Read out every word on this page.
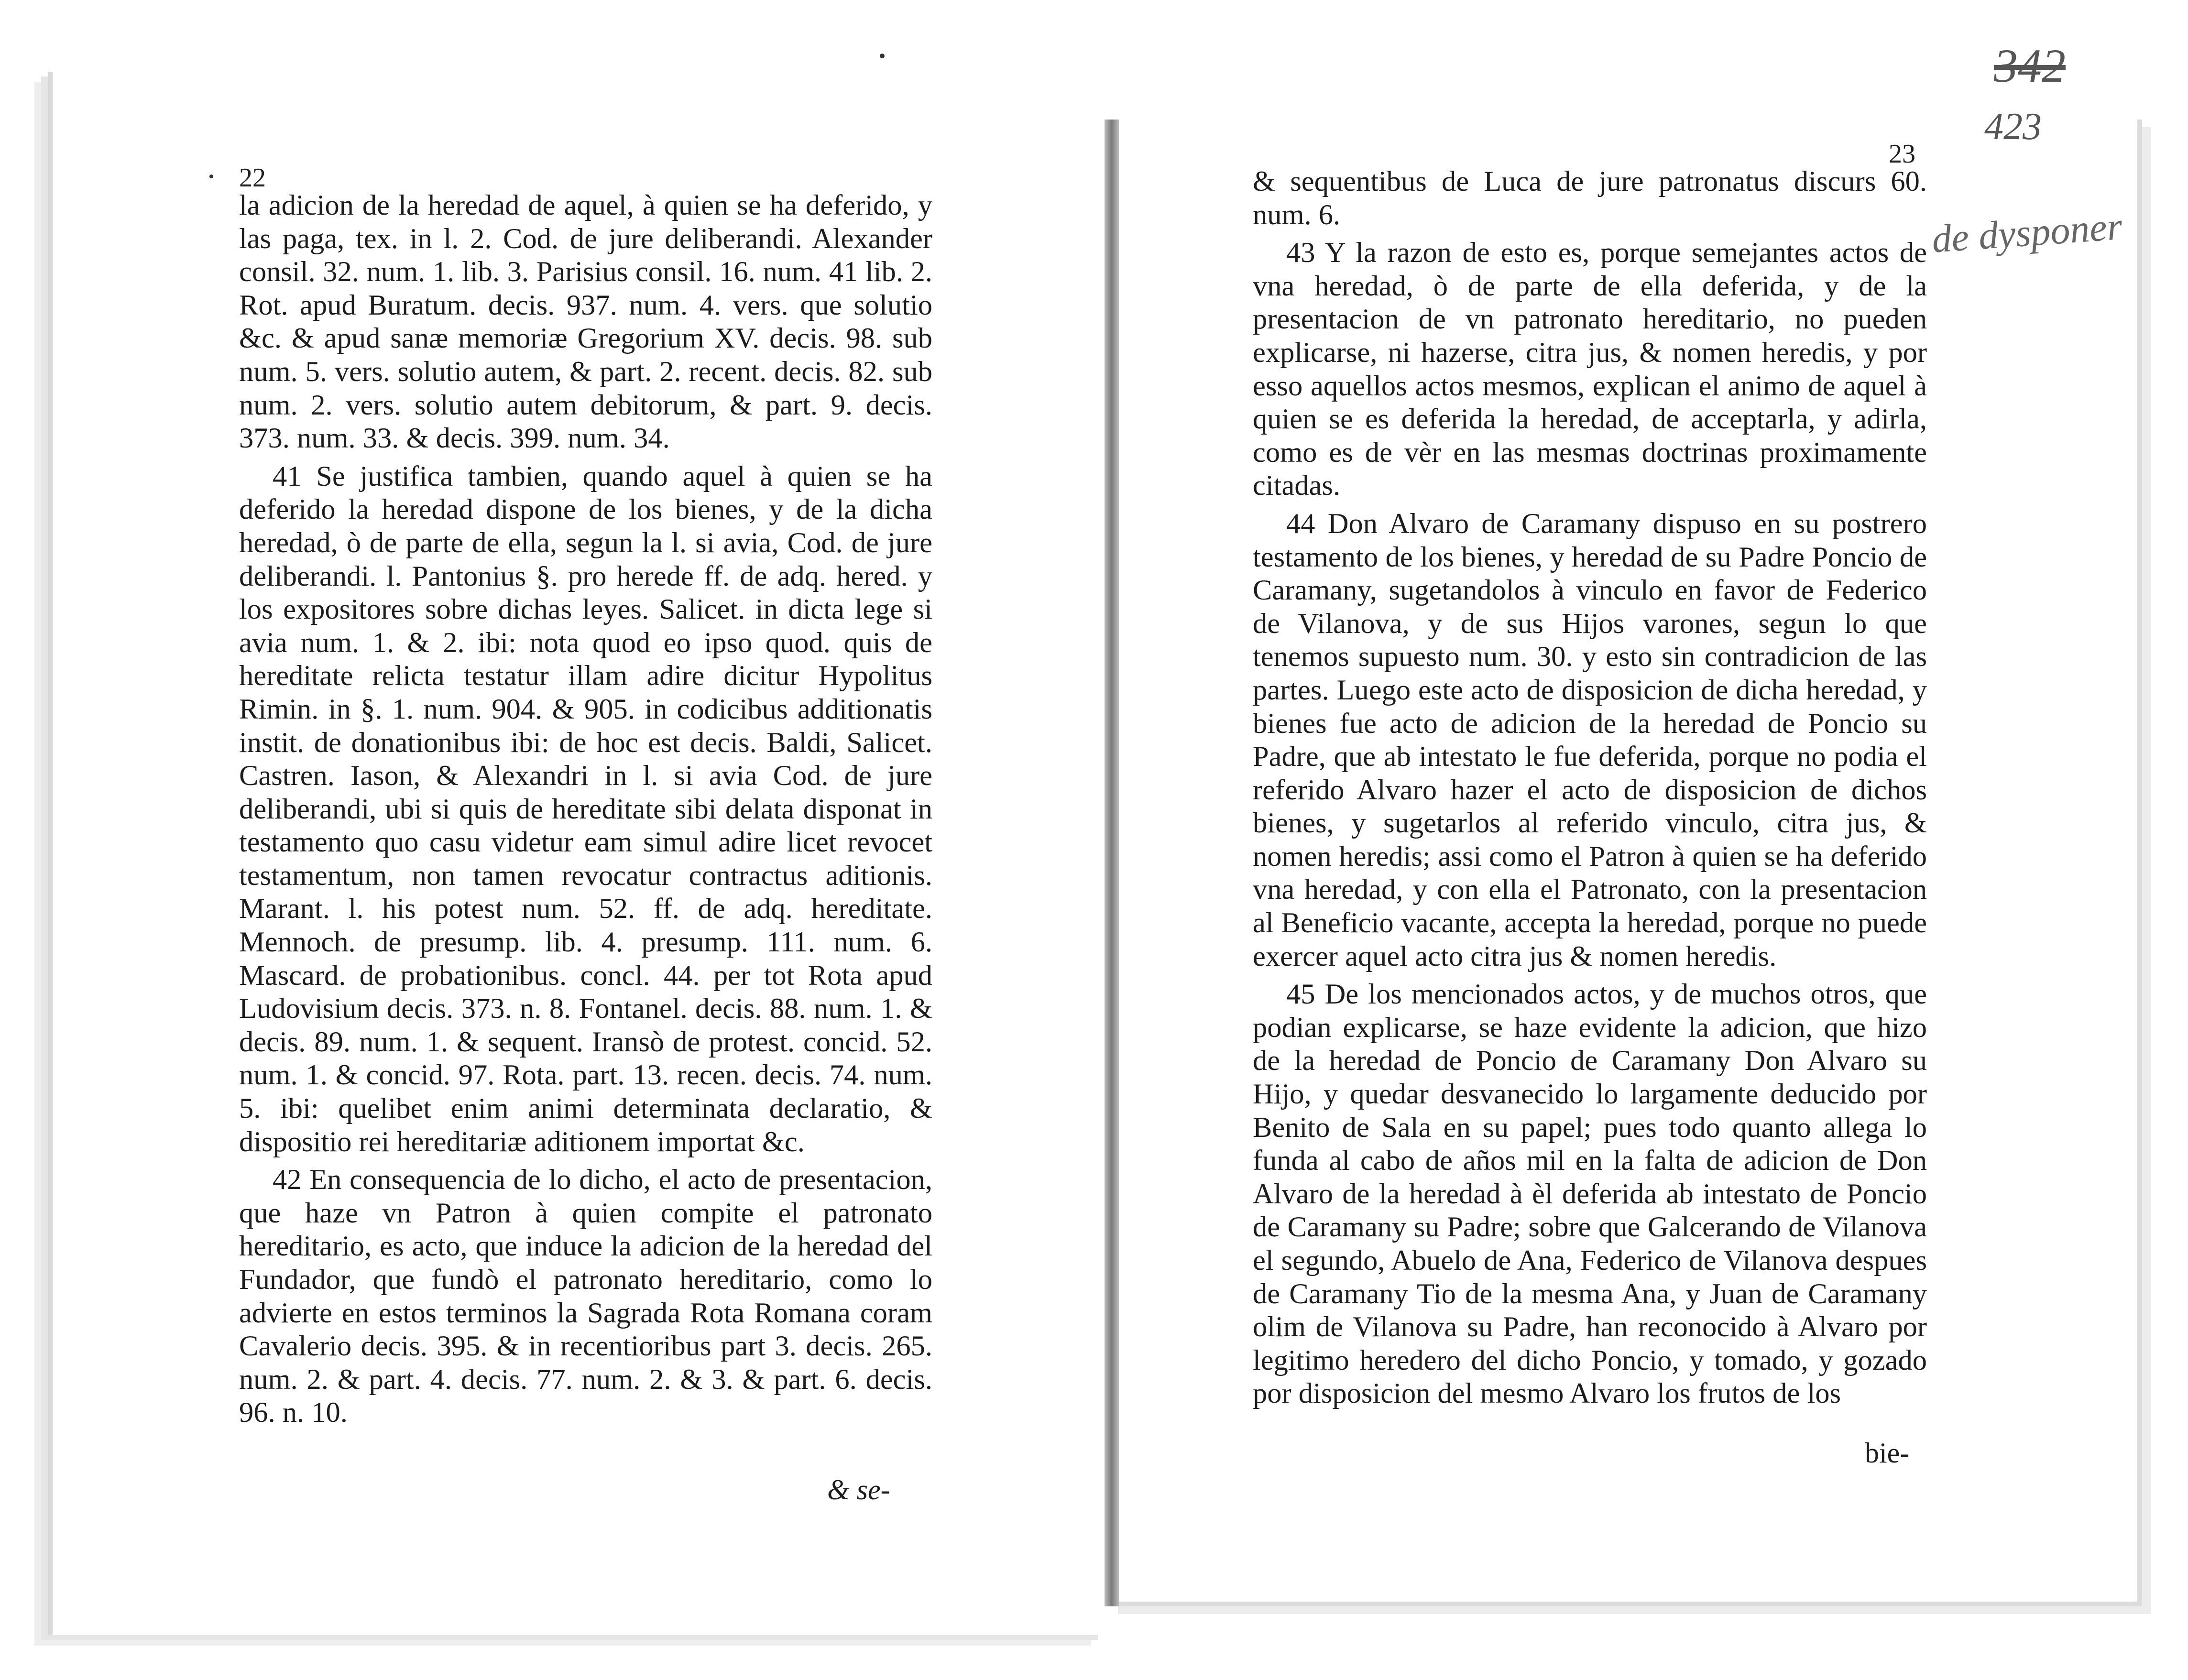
342
423
de dysponer
22
23
la adicion de la heredad de aquel, à quien se ha deferido, y las paga, tex. in l. 2. Cod. de jure deliberandi. Alexander consil. 32. num. 1. lib. 3. Parisius consil. 16. num. 41 lib. 2. Rot. apud Buratum. decis. 937. num. 4. vers. que solutio &c. & apud sanæ memoriæ Gregorium XV. decis. 98. sub num. 5. vers. solutio autem, & part. 2. recent. decis. 82. sub num. 2. vers. solutio autem debitorum, & part. 9. decis. 373. num. 33. & decis. 399. num. 34.
41 Se justifica tambien, quando aquel à quien se ha deferido la heredad dispone de los bienes, y de la dicha heredad, ò de parte de ella, segun la l. si avia, Cod. de jure deliberandi. l. Pantonius §. pro herede ff. de adq. hered. y los expositores sobre dichas leyes. Salicet. in dicta lege si avia num. 1. & 2. ibi: nota quod eo ipso quod. quis de hereditate relicta testatur illam adire dicitur Hypolitus Rimin. in §. 1. num. 904. & 905. in codicibus additionatis instit. de donationibus ibi: de hoc est decis. Baldi, Salicet. Castren. Iason, & Alexandri in l. si avia Cod. de jure deliberandi, ubi si quis de hereditate sibi delata disponat in testamento quo casu videtur eam simul adire licet revocet testamentum, non tamen revocatur contractus aditionis. Marant. l. his potest num. 52. ff. de adq. hereditate. Mennoch. de presump. lib. 4. presump. 111. num. 6. Mascard. de probationibus. concl. 44. per tot Rota apud Ludovisium decis. 373. n. 8. Fontanel. decis. 88. num. 1. & decis. 89. num. 1. & sequent. Iransò de protest. concid. 52. num. 1. & concid. 97. Rota. part. 13. recen. decis. 74. num. 5. ibi: quelibet enim animi determinata declaratio, & dispositio rei hereditariæ aditionem importat &c.
42 En consequencia de lo dicho, el acto de presentacion, que haze vn Patron à quien compite el patronato hereditario, es acto, que induce la adicion de la heredad del Fundador, que fundò el patronato hereditario, como lo advierte en estos terminos la Sagrada Rota Romana coram Cavalerio decis. 395. & in recentioribus part 3. decis. 265. num. 2. & part. 4. decis. 77. num. 2. & 3. & part. 6. decis. 96. n. 10.
& se-
& sequentibus de Luca de jure patronatus discurs 60. num. 6.
43 Y la razon de esto es, porque semejantes actos de vna heredad, ò de parte de ella deferida, y de la presentacion de vn patronato hereditario, no pueden explicarse, ni hazerse, citra jus, & nomen heredis, y por esso aquellos actos mesmos, explican el animo de aquel à quien se es deferida la heredad, de acceptarla, y adirla, como es de vèr en las mesmas doctrinas proximamente citadas.
44 Don Alvaro de Caramany dispuso en su postrero testamento de los bienes, y heredad de su Padre Poncio de Caramany, sugetandolos à vinculo en favor de Federico de Vilanova, y de sus Hijos varones, segun lo que tenemos supuesto num. 30. y esto sin contradicion de las partes. Luego este acto de disposicion de dicha heredad, y bienes fue acto de adicion de la heredad de Poncio su Padre, que ab intestato le fue deferida, porque no podia el referido Alvaro hazer el acto de disposicion de dichos bienes, y sugetarlos al referido vinculo, citra jus, & nomen heredis; assi como el Patron à quien se ha deferido vna heredad, y con ella el Patronato, con la presentacion al Beneficio vacante, accepta la heredad, porque no puede exercer aquel acto citra jus & nomen heredis.
45 De los mencionados actos, y de muchos otros, que podian explicarse, se haze evidente la adicion, que hizo de la heredad de Poncio de Caramany Don Alvaro su Hijo, y quedar desvanecido lo largamente deducido por Benito de Sala en su papel; pues todo quanto allega lo funda al cabo de años mil en la falta de adicion de Don Alvaro de la heredad à èl deferida ab intestato de Poncio de Caramany su Padre; sobre que Galcerando de Vilanova el segundo, Abuelo de Ana, Federico de Vilanova despues de Caramany Tio de la mesma Ana, y Juan de Caramany olim de Vilanova su Padre, han reconocido à Alvaro por legitimo heredero del dicho Poncio, y tomado, y gozado por disposicion del mesmo Alvaro los frutos de los
bie-
